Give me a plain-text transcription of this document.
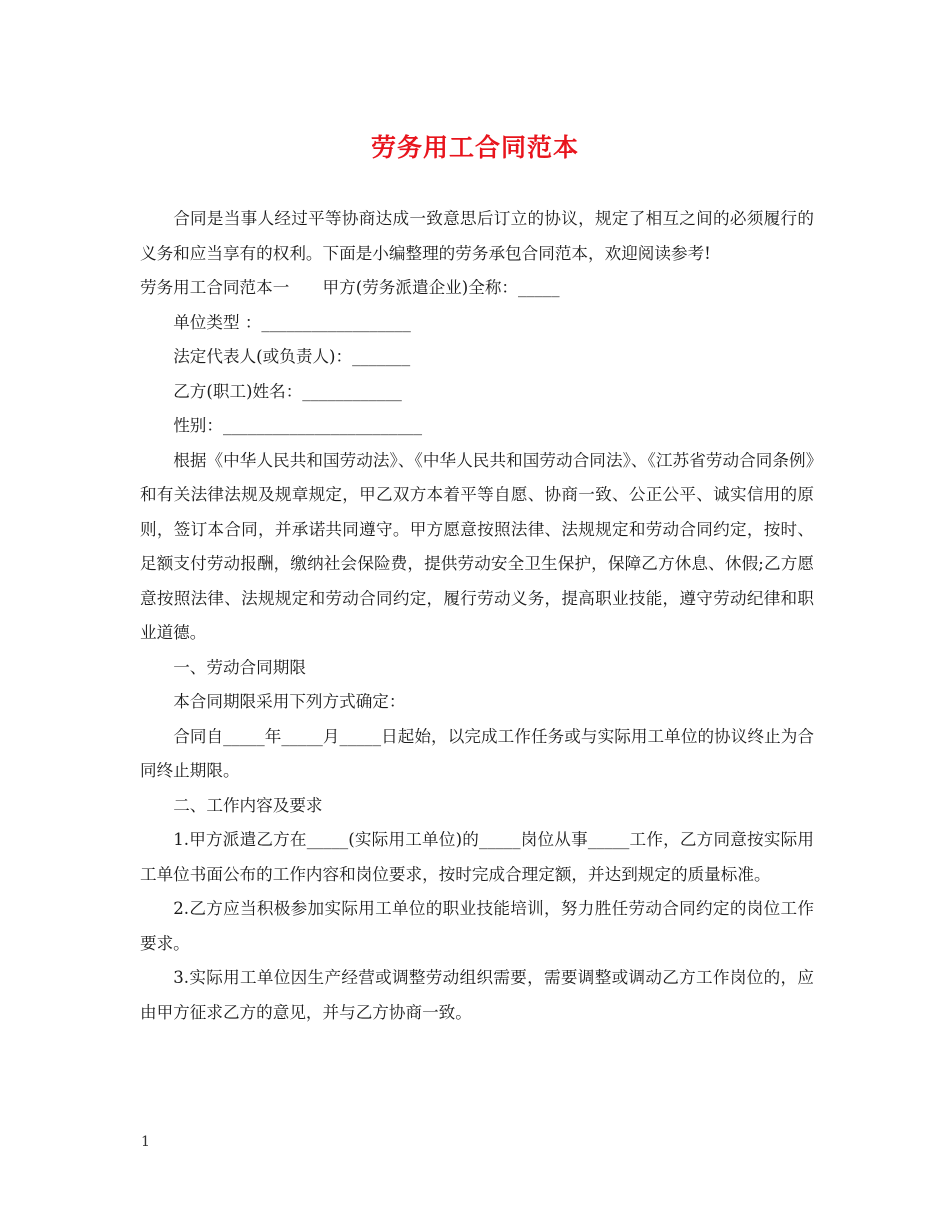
劳务用工合同范本

合同是当事人经过平等协商达成一致意思后订立的协议，规定了相互之间的必须履行的义务和应当享有的权利。下面是小编整理的劳务承包合同范本，欢迎阅读参考!

劳务用工合同范本一　　甲方(劳务派遣企业)全称：_____

单位类型 ：__________________

法定代表人(或负责人)：_______

乙方(职工)姓名：____________

性别：________________________

根据《中华人民共和国劳动法》、《中华人民共和国劳动合同法》、《江苏省劳动合同条例》和有关法律法规及规章规定，甲乙双方本着平等自愿、协商一致、公正公平、诚实信用的原则，签订本合同，并承诺共同遵守。甲方愿意按照法律、法规规定和劳动合同约定，按时、足额支付劳动报酬，缴纳社会保险费，提供劳动安全卫生保护，保障乙方休息、休假;乙方愿意按照法律、法规规定和劳动合同约定，履行劳动义务，提高职业技能，遵守劳动纪律和职业道德。

一、劳动合同期限

本合同期限采用下列方式确定：

合同自_____年_____月_____日起始，以完成工作任务或与实际用工单位的协议终止为合同终止期限。

二、工作内容及要求

1.甲方派遣乙方在_____(实际用工单位)的_____岗位从事_____工作，乙方同意按实际用工单位书面公布的工作内容和岗位要求，按时完成合理定额，并达到规定的质量标准。

2.乙方应当积极参加实际用工单位的职业技能培训，努力胜任劳动合同约定的岗位工作要求。

3.实际用工单位因生产经营或调整劳动组织需要，需要调整或调动乙方工作岗位的，应由甲方征求乙方的意见，并与乙方协商一致。

1
